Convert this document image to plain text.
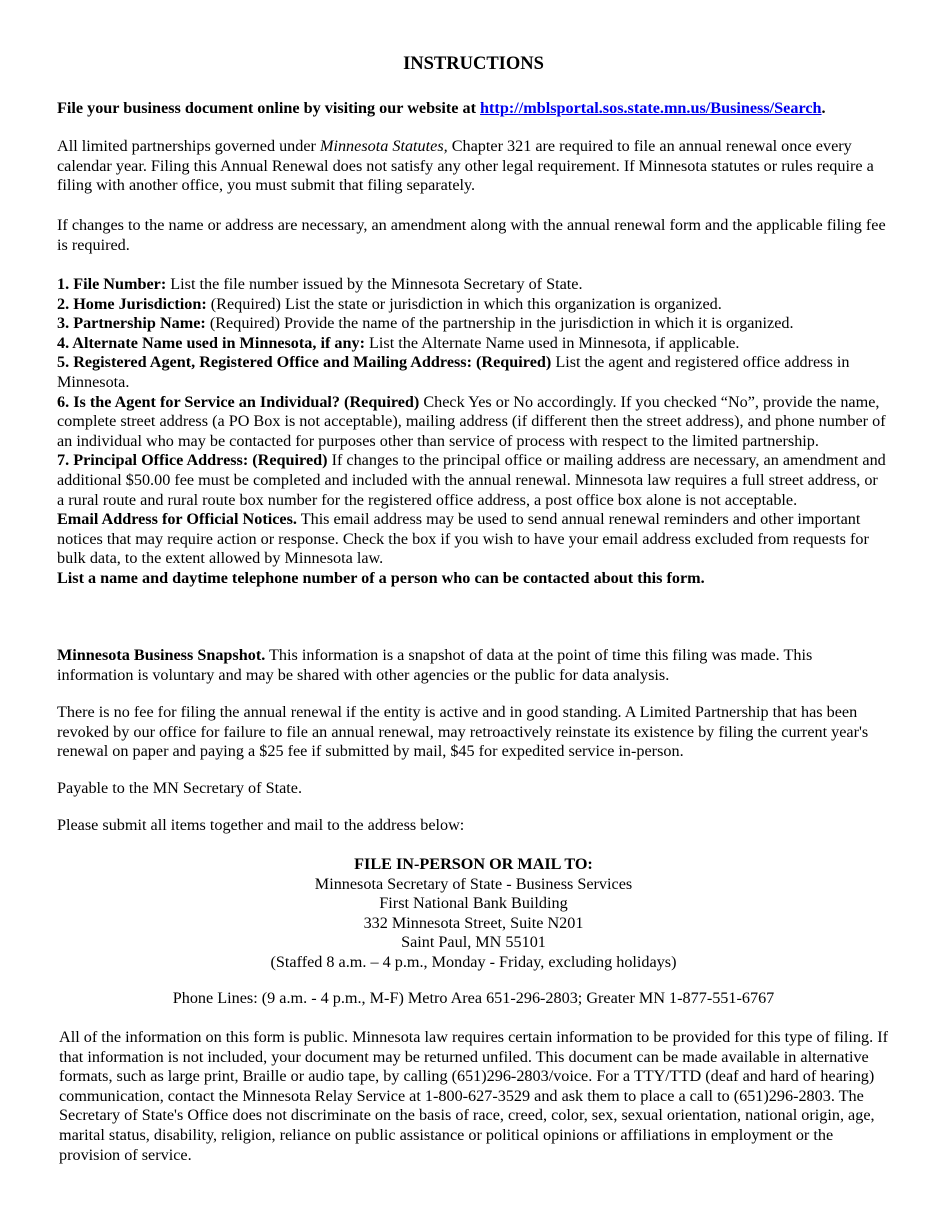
INSTRUCTIONS
File your business document online by visiting our website at http://mblsportal.sos.state.mn.us/Business/Search.
All limited partnerships governed under Minnesota Statutes, Chapter 321 are required to file an annual renewal once every calendar year. Filing this Annual Renewal does not satisfy any other legal requirement. If Minnesota statutes or rules require a filing with another office, you must submit that filing separately.
If changes to the name or address are necessary, an amendment along with the annual renewal form and the applicable filing fee is required.
1. File Number: List the file number issued by the Minnesota Secretary of State.
2. Home Jurisdiction: (Required) List the state or jurisdiction in which this organization is organized.
3. Partnership Name: (Required) Provide the name of the partnership in the jurisdiction in which it is organized.
4. Alternate Name used in Minnesota, if any: List the Alternate Name used in Minnesota, if applicable.
5. Registered Agent, Registered Office and Mailing Address: (Required) List the agent and registered office address in Minnesota.
6. Is the Agent for Service an Individual? (Required) Check Yes or No accordingly. If you checked “No”, provide the name, complete street address (a PO Box is not acceptable), mailing address (if different then the street address), and phone number of an individual who may be contacted for purposes other than service of process with respect to the limited partnership.
7. Principal Office Address: (Required) If changes to the principal office or mailing address are necessary, an amendment and additional $50.00 fee must be completed and included with the annual renewal. Minnesota law requires a full street address, or a rural route and rural route box number for the registered office address, a post office box alone is not acceptable.
Email Address for Official Notices. This email address may be used to send annual renewal reminders and other important notices that may require action or response. Check the box if you wish to have your email address excluded from requests for bulk data, to the extent allowed by Minnesota law.
List a name and daytime telephone number of a person who can be contacted about this form.
Minnesota Business Snapshot. This information is a snapshot of data at the point of time this filing was made. This information is voluntary and may be shared with other agencies or the public for data analysis.
There is no fee for filing the annual renewal if the entity is active and in good standing. A Limited Partnership that has been revoked by our office for failure to file an annual renewal, may retroactively reinstate its existence by filing the current year's renewal on paper and paying a $25 fee if submitted by mail, $45 for expedited service in-person.
Payable to the MN Secretary of State.
Please submit all items together and mail to the address below:
FILE IN-PERSON OR MAIL TO:
Minnesota Secretary of State - Business Services
First National Bank Building
332 Minnesota Street, Suite N201
Saint Paul, MN 55101
(Staffed 8 a.m. – 4 p.m., Monday - Friday, excluding holidays)
Phone Lines: (9 a.m. - 4 p.m., M-F) Metro Area 651-296-2803; Greater MN 1-877-551-6767
All of the information on this form is public. Minnesota law requires certain information to be provided for this type of filing. If that information is not included, your document may be returned unfiled. This document can be made available in alternative formats, such as large print, Braille or audio tape, by calling (651)296-2803/voice. For a TTY/TTD (deaf and hard of hearing) communication, contact the Minnesota Relay Service at 1-800-627-3529 and ask them to place a call to (651)296-2803. The Secretary of State's Office does not discriminate on the basis of race, creed, color, sex, sexual orientation, national origin, age, marital status, disability, religion, reliance on public assistance or political opinions or affiliations in employment or the provision of service.
